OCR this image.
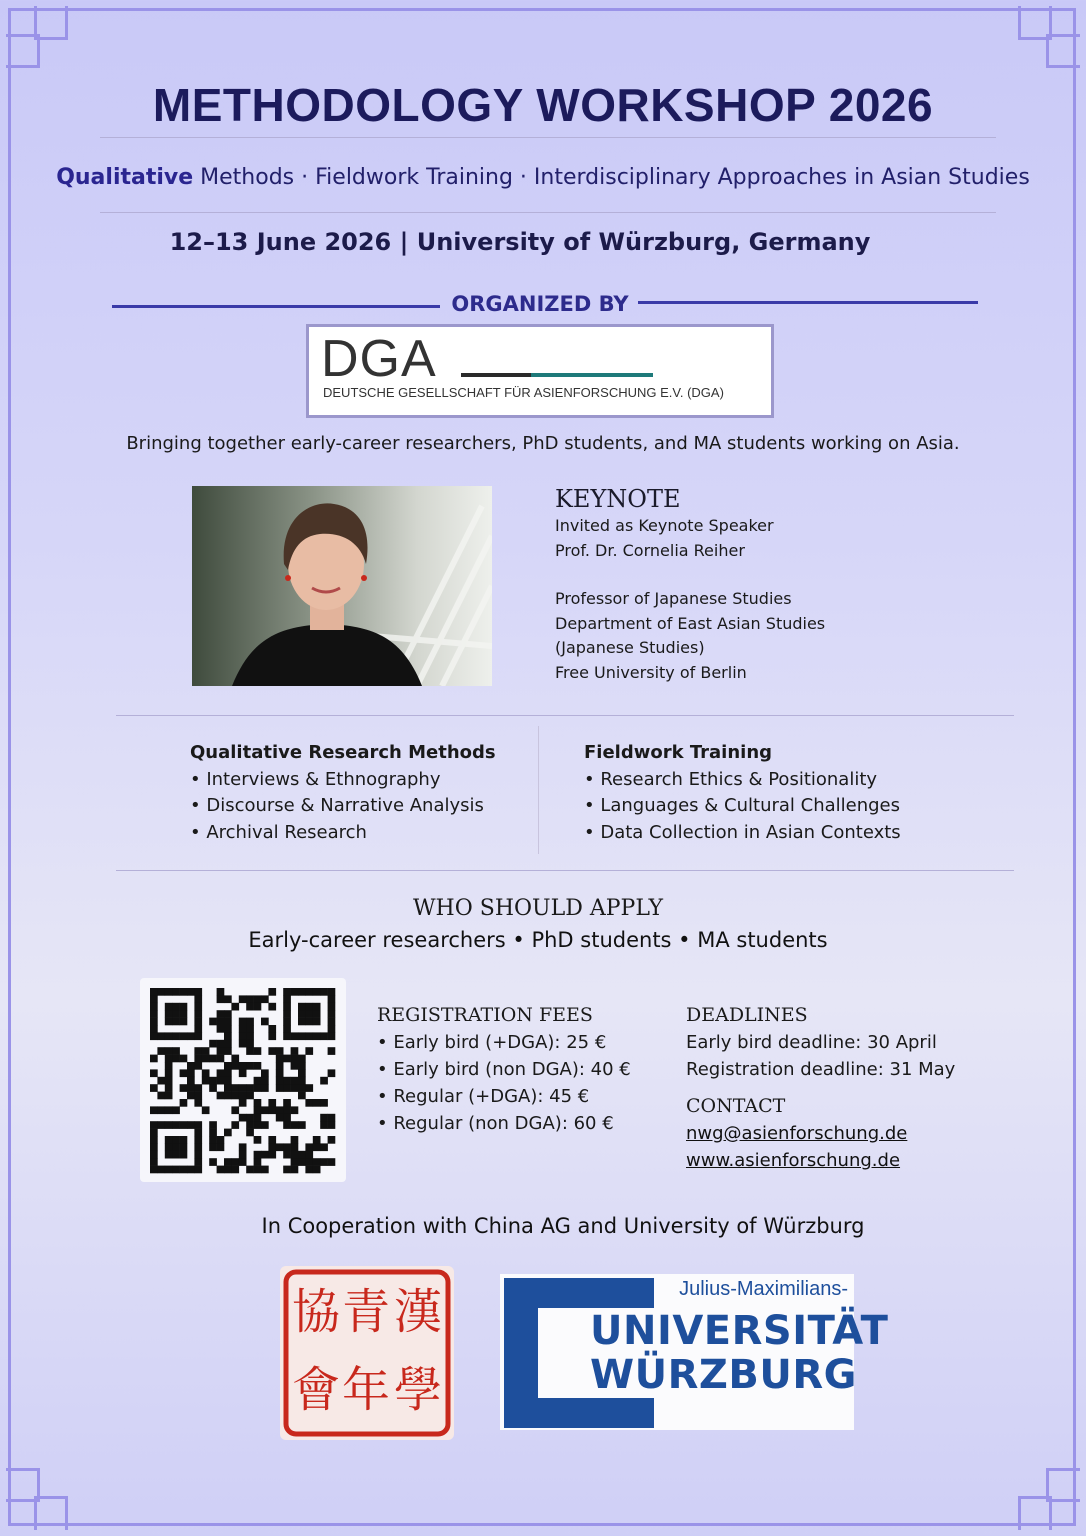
METHODOLOGY WORKSHOP 2026
Qualitative Methods · Fieldwork Training · Interdisciplinary Approaches in Asian Studies
12–13 June 2026 | University of Würzburg, Germany
ORGANIZED BY
DGA
DEUTSCHE GESELLSCHAFT FÜR ASIENFORSCHUNG E.V. (DGA)
Bringing together early-career researchers, PhD students, and MA students working on Asia.
KEYNOTE
Invited as Keynote Speaker
Prof. Dr. Cornelia Reiher
Professor of Japanese Studies
Department of East Asian Studies
(Japanese Studies)
Free University of Berlin
Qualitative Research Methods
• Interviews & Ethnography
• Discourse & Narrative Analysis
• Archival Research
Fieldwork Training
• Research Ethics & Positionality
• Languages & Cultural Challenges
• Data Collection in Asian Contexts
WHO SHOULD APPLY
Early-career researchers • PhD students • MA students
REGISTRATION FEES
• Early bird (+DGA): 25 €
• Early bird (non DGA): 40 €
• Regular (+DGA): 45 €
• Regular (non DGA): 60 €
DEADLINES
Early bird deadline: 30 April
Registration deadline: 31 May
CONTACT
nwg@asienforschung.de
www.asienforschung.de
In Cooperation with China AG and University of Würzburg
漢
學
青
年
協
會
Julius-Maximilians-
UNIVERSITÄT
WÜRZBURG
